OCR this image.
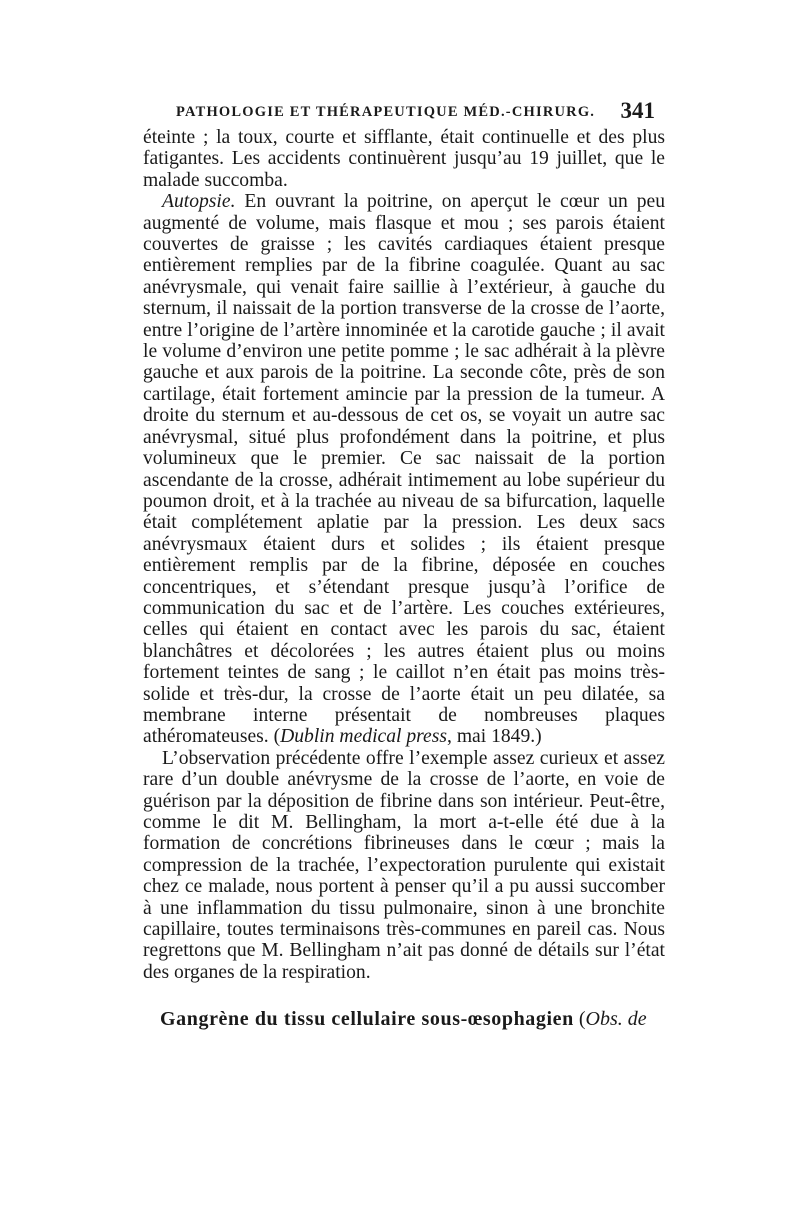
PATHOLOGIE ET THÉRAPEUTIQUE MÉD.-CHIRURG. 341

éteinte ; la toux, courte et sifflante, était continuelle et des plus fatigantes. Les accidents continuèrent jusqu’au 19 juillet, que le malade succomba.

Autopsie. En ouvrant la poitrine, on aperçut le cœur un peu augmenté de volume, mais flasque et mou ; ses parois étaient couvertes de graisse ; les cavités cardiaques étaient presque entièrement remplies par de la fibrine coagulée. Quant au sac anévrysmale, qui venait faire saillie à l’extérieur, à gauche du sternum, il naissait de la portion transverse de la crosse de l’aorte, entre l’origine de l’artère innominée et la carotide gauche ; il avait le volume d’environ une petite pomme ; le sac adhérait à la plèvre gauche et aux parois de la poitrine. La seconde côte, près de son cartilage, était fortement amincie par la pression de la tumeur. A droite du sternum et au-dessous de cet os, se voyait un autre sac anévrysmal, situé plus profondément dans la poitrine, et plus volumineux que le premier. Ce sac naissait de la portion ascendante de la crosse, adhérait intimement au lobe supérieur du poumon droit, et à la trachée au niveau de sa bifurcation, laquelle était complétement aplatie par la pression. Les deux sacs anévrysmaux étaient durs et solides ; ils étaient presque entièrement remplis par de la fibrine, déposée en couches concentriques, et s’étendant presque jusqu’à l’orifice de communication du sac et de l’artère. Les couches extérieures, celles qui étaient en contact avec les parois du sac, étaient blanchâtres et décolorées ; les autres étaient plus ou moins fortement teintes de sang ; le caillot n’en était pas moins très-solide et très-dur, la crosse de l’aorte était un peu dilatée, sa membrane interne présentait de nombreuses plaques athéromateuses. (Dublin medical press, mai 1849.)

L’observation précédente offre l’exemple assez curieux et assez rare d’un double anévrysme de la crosse de l’aorte, en voie de guérison par la déposition de fibrine dans son intérieur. Peut-être, comme le dit M. Bellingham, la mort a-t-elle été due à la formation de concrétions fibrineuses dans le cœur ; mais la compression de la trachée, l’expectoration purulente qui existait chez ce malade, nous portent à penser qu’il a pu aussi succomber à une inflammation du tissu pulmonaire, sinon à une bronchite capillaire, toutes terminaisons très-communes en pareil cas. Nous regrettons que M. Bellingham n’ait pas donné de détails sur l’état des organes de la respiration.

Gangrène du tissu cellulaire sous-œsophagien (Obs. de
